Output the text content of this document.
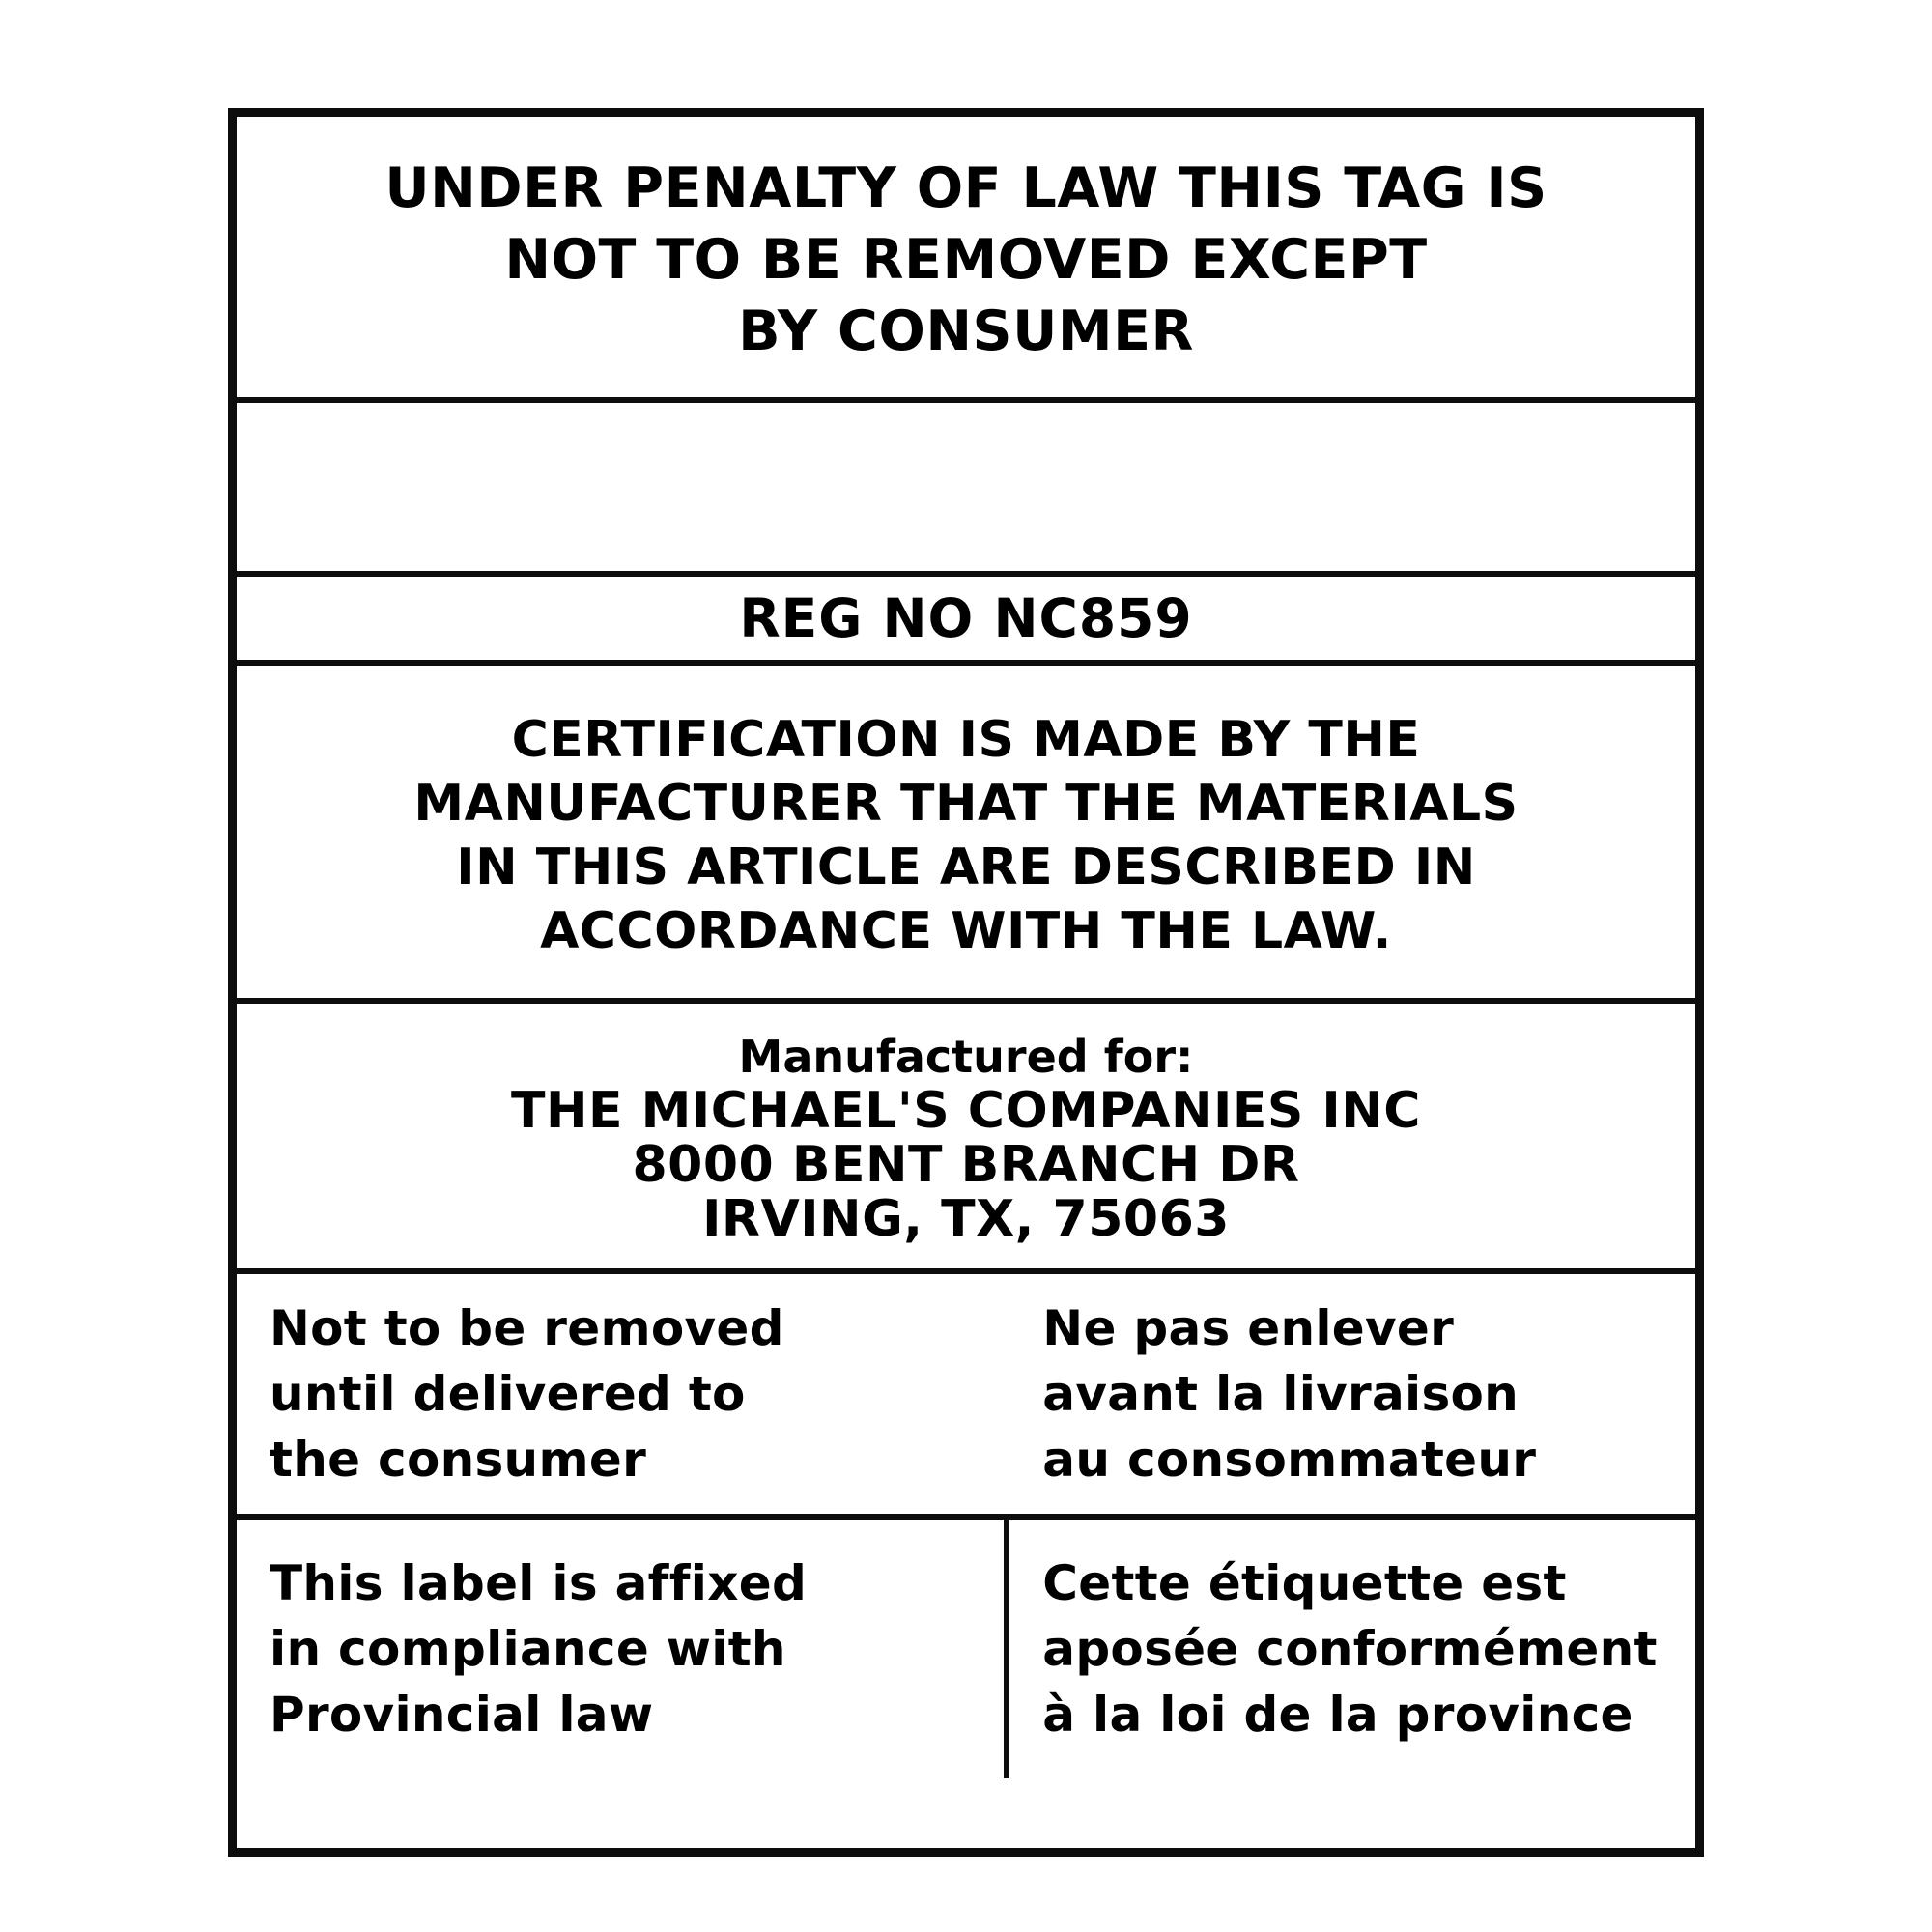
UNDER PENALTY OF LAW THIS TAG IS
NOT TO BE REMOVED EXCEPT
BY CONSUMER
REG NO NC859
CERTIFICATION IS MADE BY THE
MANUFACTURER THAT THE MATERIALS
IN THIS ARTICLE ARE DESCRIBED IN
ACCORDANCE WITH THE LAW.
Manufactured for:
THE MICHAEL'S COMPANIES INC
8000 BENT BRANCH DR
IRVING, TX, 75063
Not to be removed
until delivered to
the consumer
Ne pas enlever
avant la livraison
au consommateur
This label is affixed
in compliance with
Provincial law
Cette étiquette est
aposée conformément
à la loi de la province
